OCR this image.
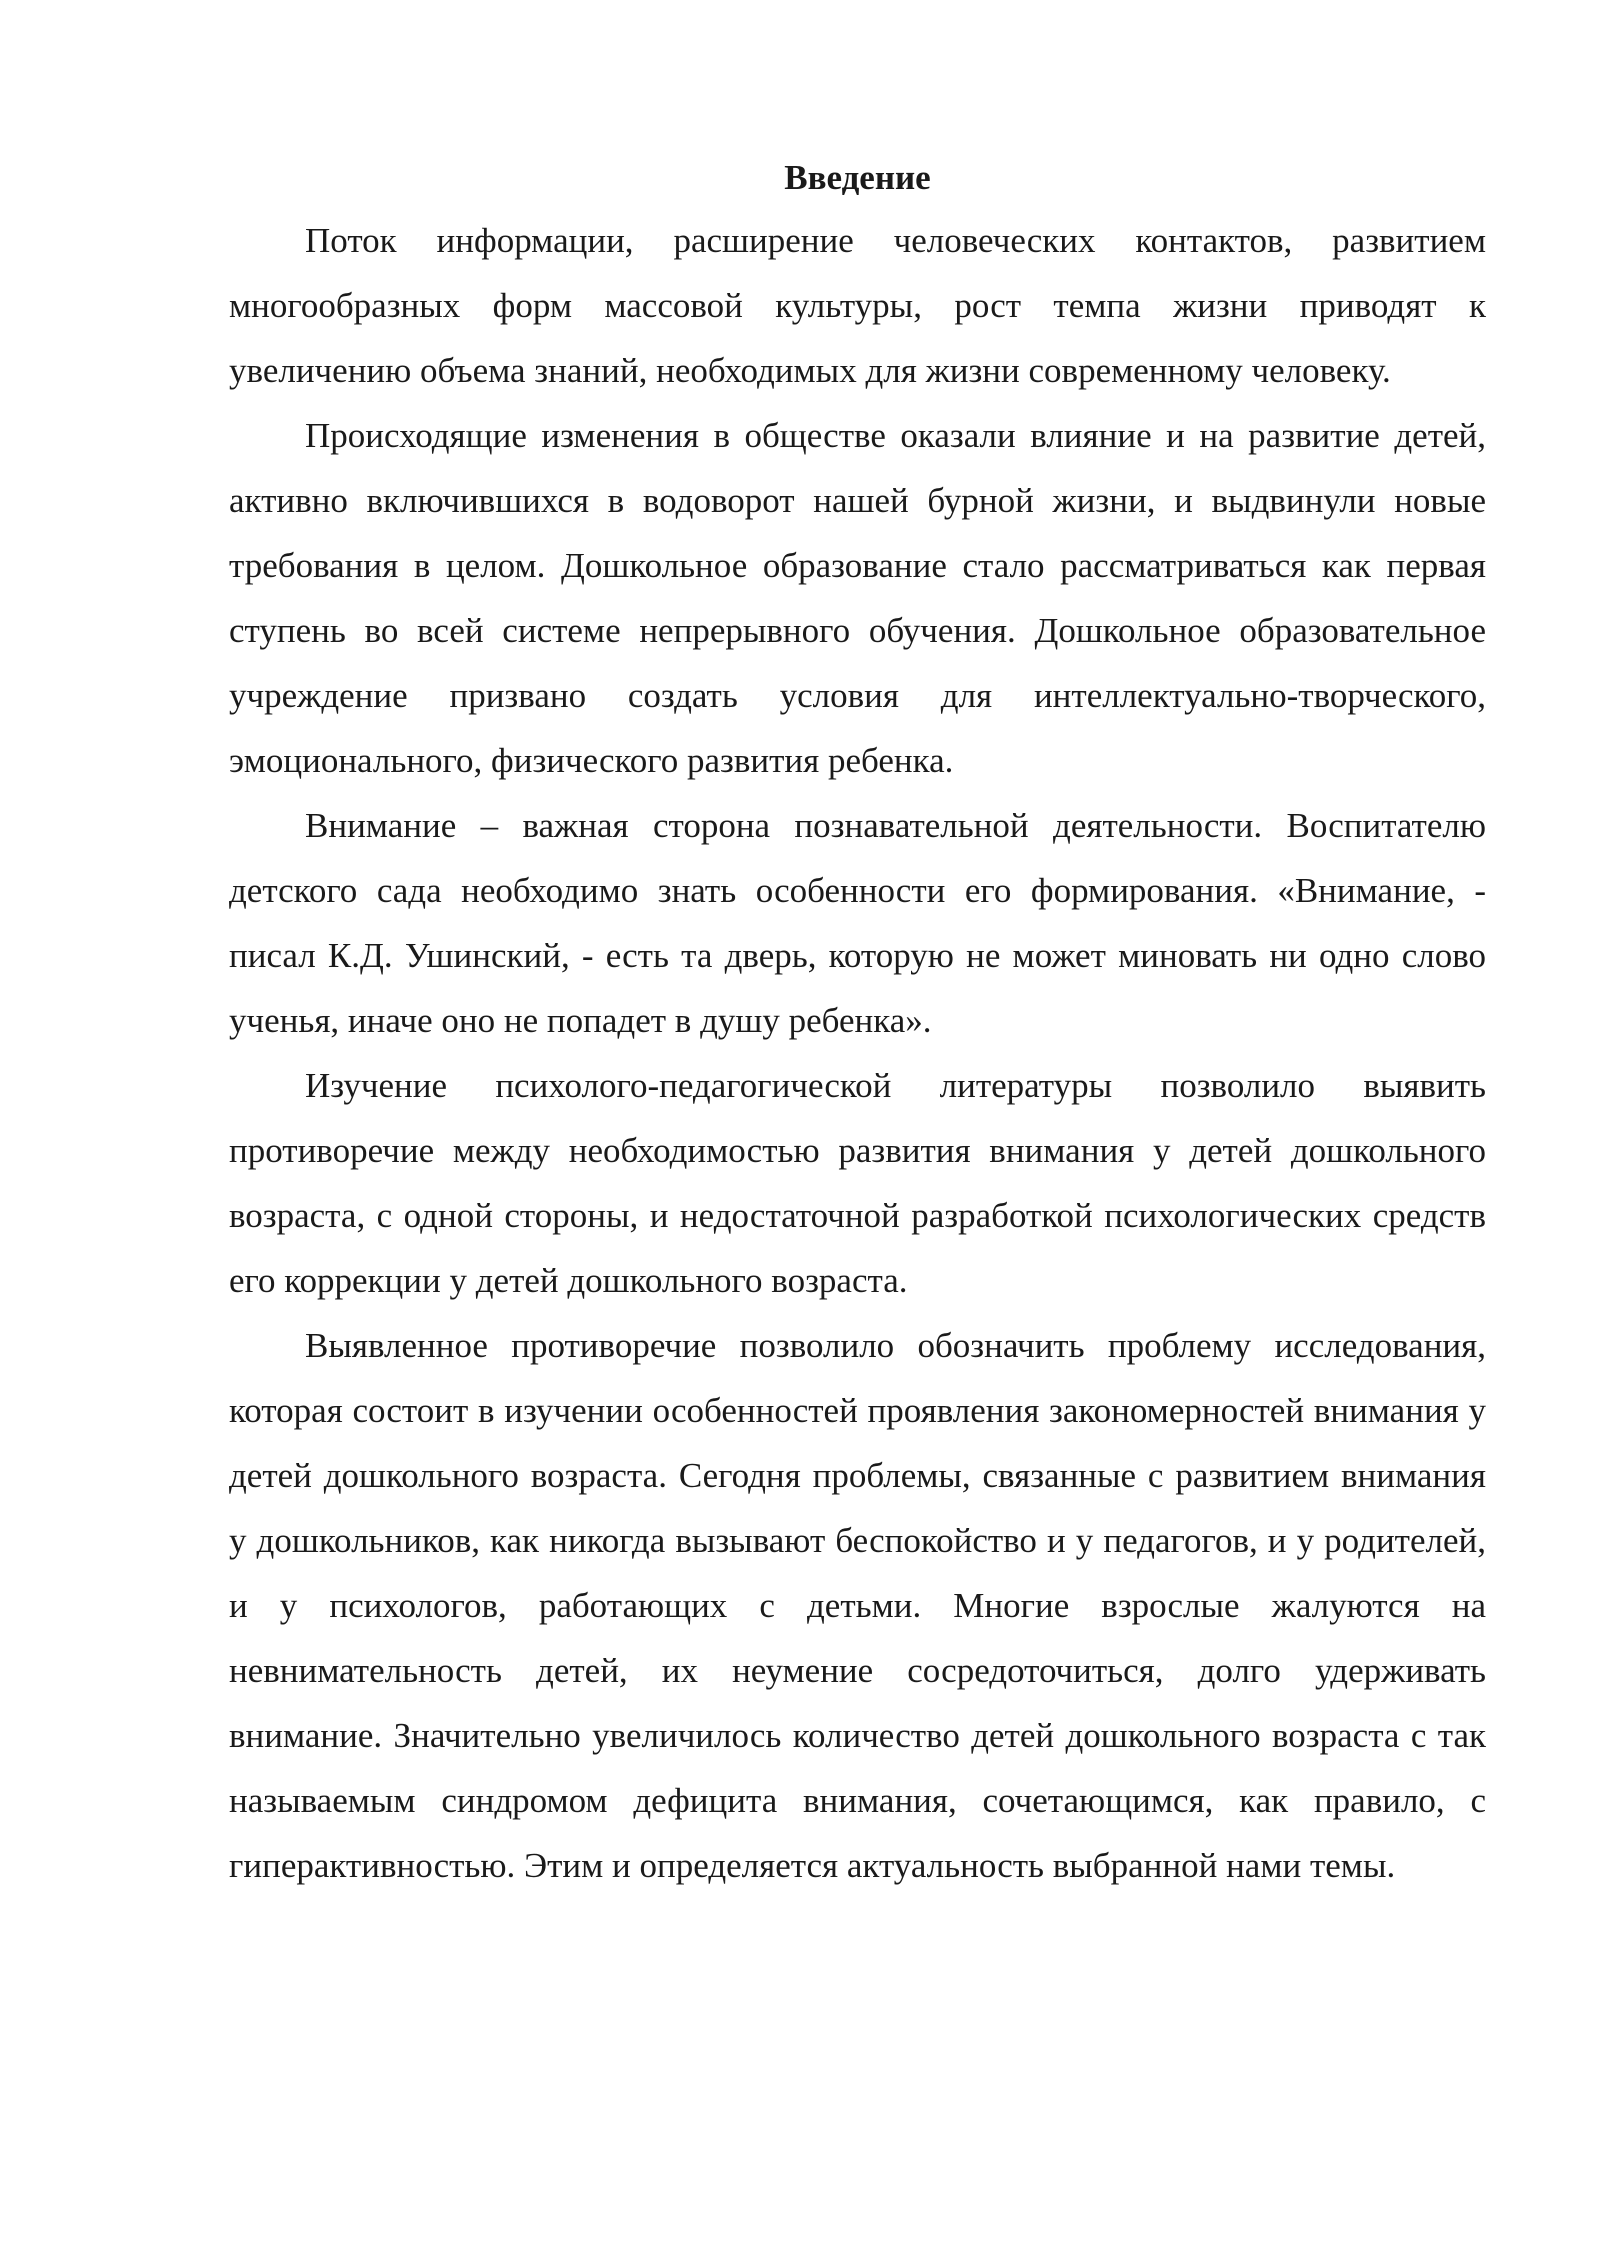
Введение

Поток информации, расширение человеческих контактов, развитием многообразных форм массовой культуры, рост темпа жизни приводят к увеличению объема знаний, необходимых для жизни современному человеку.

Происходящие изменения в обществе оказали влияние и на развитие детей, активно включившихся в водоворот нашей бурной жизни, и выдвинули новые требования в целом. Дошкольное образование стало рассматриваться как первая ступень во всей системе непрерывного обучения. Дошкольное образовательное учреждение призвано создать условия для интеллектуально-творческого, эмоционального, физического развития ребенка.

Внимание – важная сторона познавательной деятельности. Воспитателю детского сада необходимо знать особенности его формирования. «Внимание, - писал К.Д. Ушинский, - есть та дверь, которую не может миновать ни одно слово ученья, иначе оно не попадет в душу ребенка».

Изучение психолого-педагогической литературы позволило выявить противоречие между необходимостью развития внимания у детей дошкольного возраста, с одной стороны, и недостаточной разработкой психологических средств его коррекции у детей дошкольного возраста.

Выявленное противоречие позволило обозначить проблему исследования, которая состоит в изучении особенностей проявления закономерностей внимания у детей дошкольного возраста. Сегодня проблемы, связанные с развитием внимания у дошкольников, как никогда вызывают беспокойство и у педагогов, и у родителей, и у психологов, работающих с детьми. Многие взрослые жалуются на невнимательность детей, их неумение сосредоточиться, долго удерживать внимание. Значительно увеличилось количество детей дошкольного возраста с так называемым синдромом дефицита внимания, сочетающимся, как правило, с гиперактивностью. Этим и определяется актуальность выбранной нами темы.
